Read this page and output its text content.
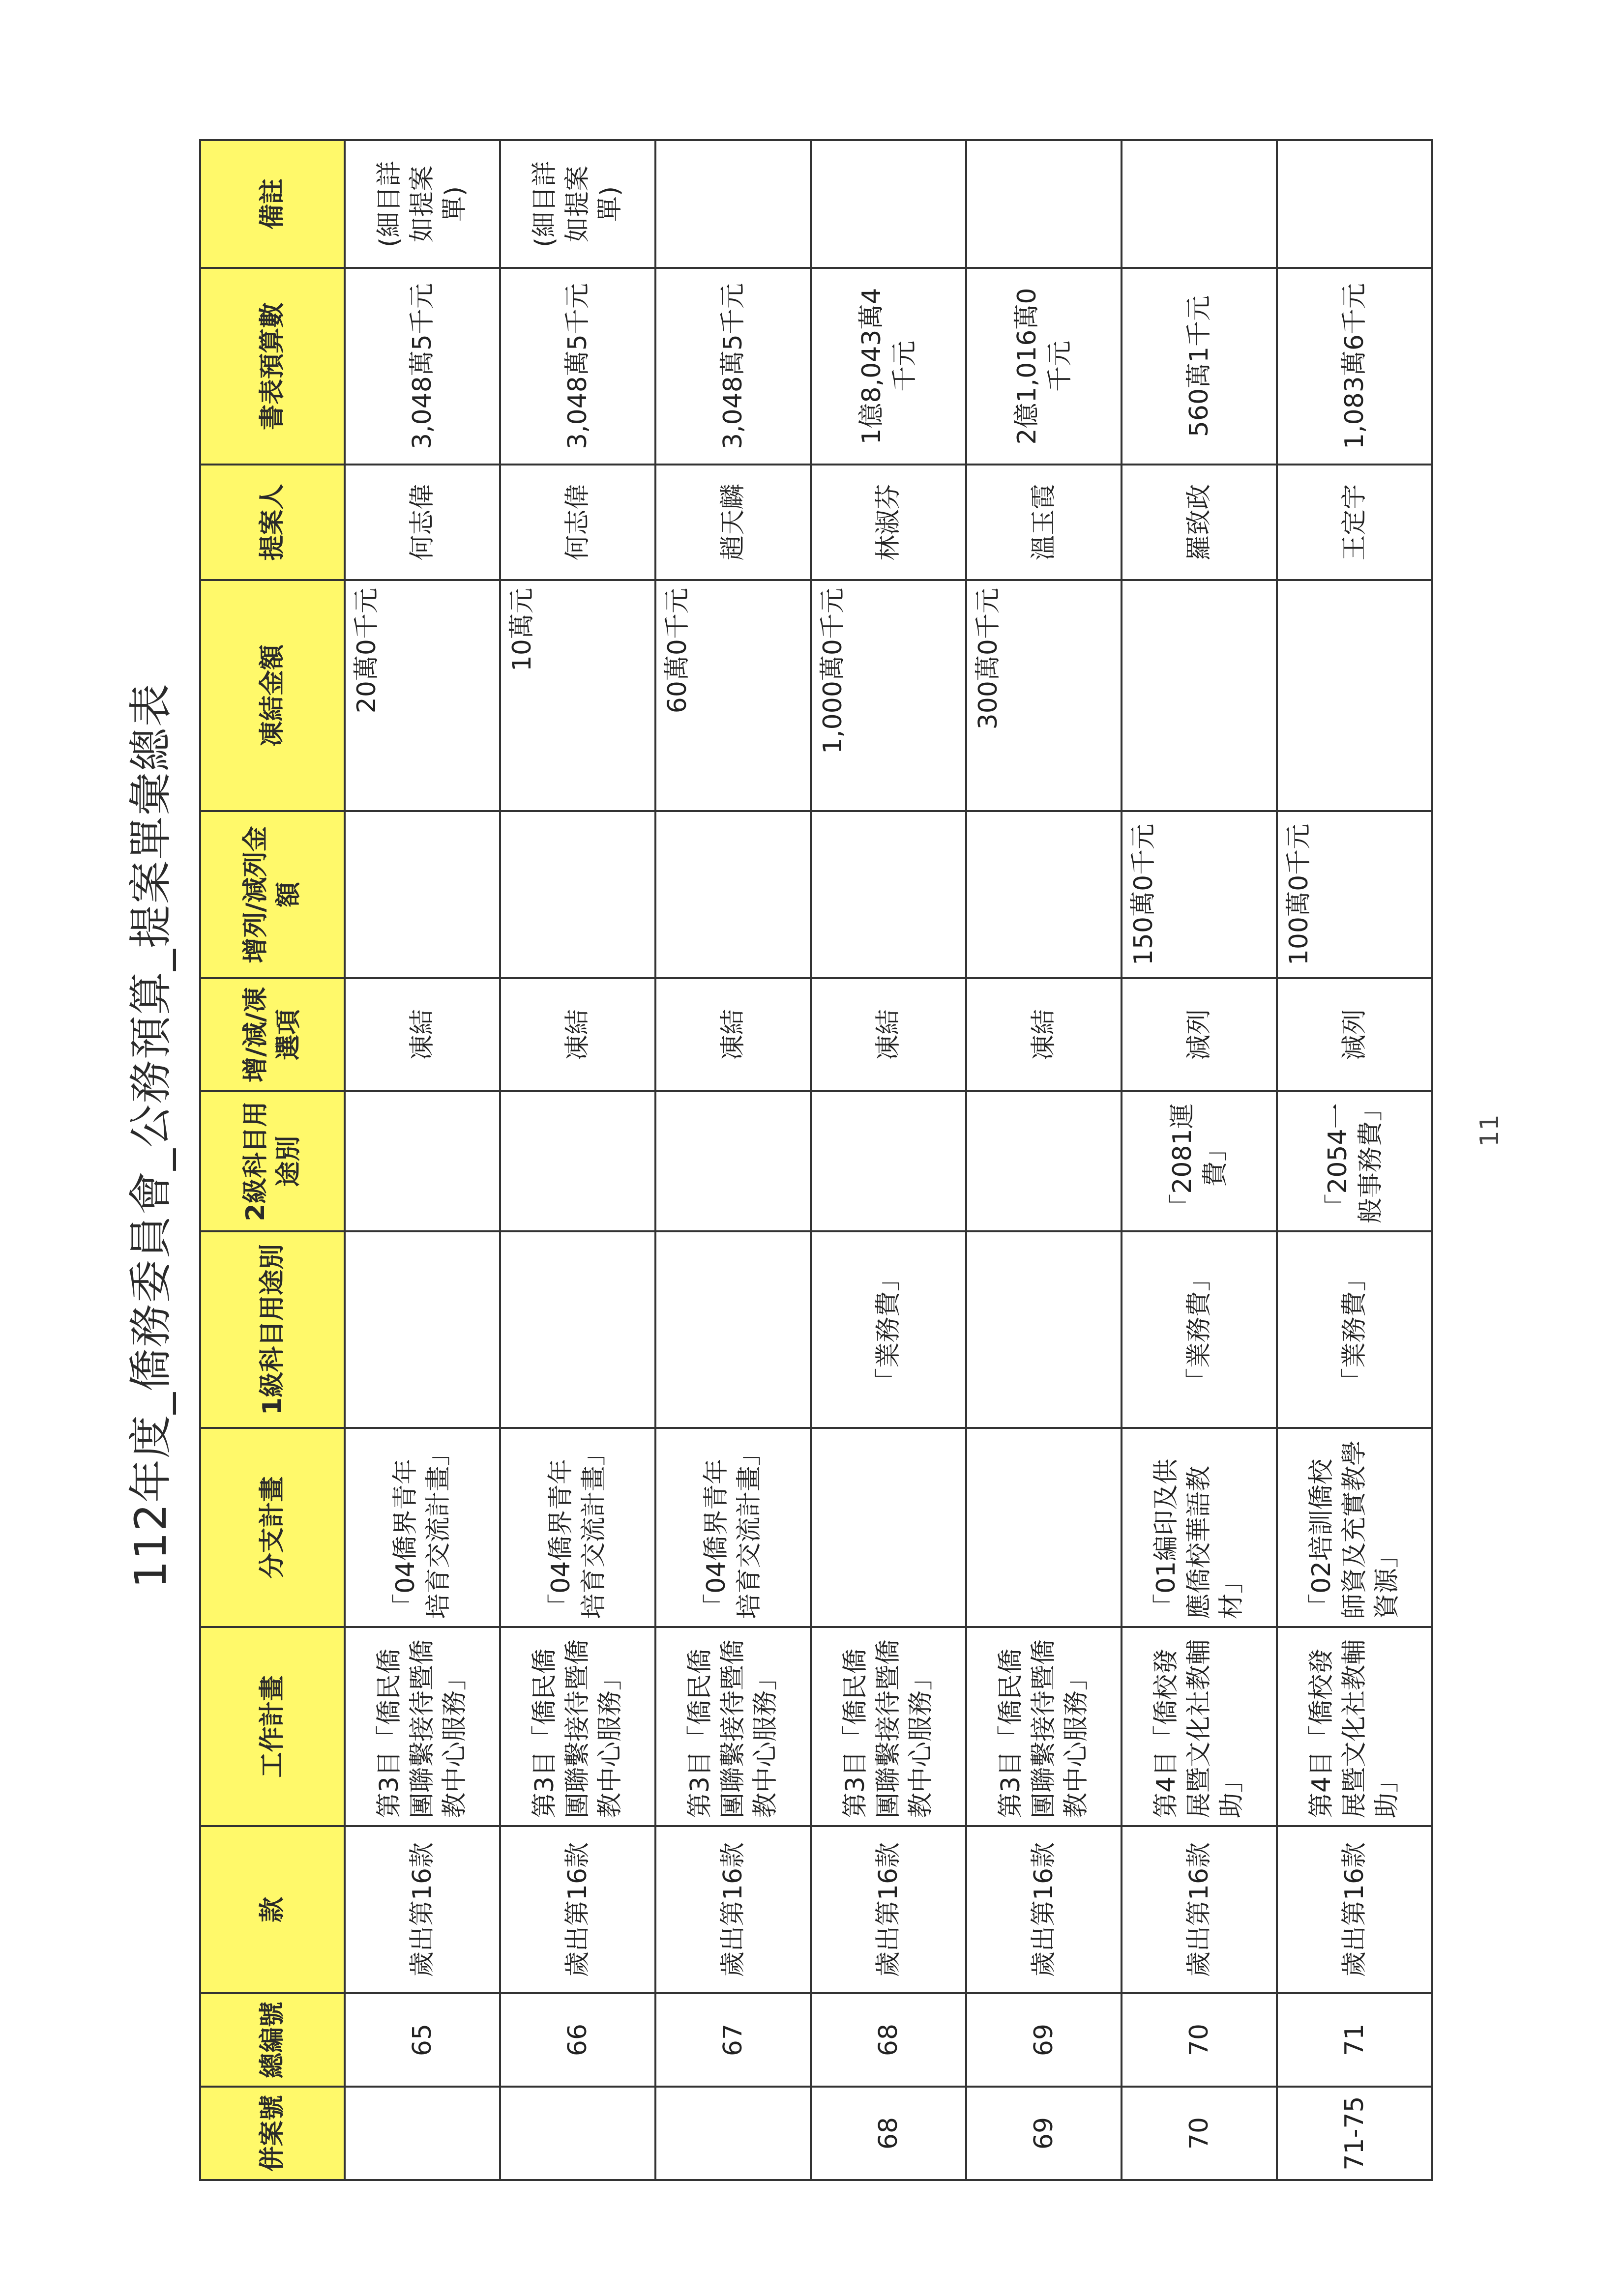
112年度_僑務委員會_公務預算_提案單彙總表	11
併案號	總編號	款	工作計畫	分支計畫	1級科目用途別	2級科目用途別	增/減/凍選項	增列/減列金額	凍結金額	提案人	書表預算數	備註
	65	歲出第16款	第3目「僑民僑團聯繫接待暨僑教中心服務」	「04僑界青年培育交流計畫」			凍結		20萬0千元	何志偉	3,048萬5千元	(細目詳如提案單)
	66	歲出第16款	第3目「僑民僑團聯繫接待暨僑教中心服務」	「04僑界青年培育交流計畫」			凍結		10萬元	何志偉	3,048萬5千元	(細目詳如提案單)
	67	歲出第16款	第3目「僑民僑團聯繫接待暨僑教中心服務」	「04僑界青年培育交流計畫」			凍結		60萬0千元	趙天麟	3,048萬5千元	
68	68	歲出第16款	第3目「僑民僑團聯繫接待暨僑教中心服務」		「業務費」		凍結		1,000萬0千元	林淑芬	1億8,043萬4千元	
69	69	歲出第16款	第3目「僑民僑團聯繫接待暨僑教中心服務」				凍結		300萬0千元	溫玉霞	2億1,016萬0千元	
70	70	歲出第16款	第4目「僑校發展暨文化社教輔助」	「01編印及供應僑校華語教材」	「業務費」	「2081運費」	減列	150萬0千元		羅致政	560萬1千元	
71-75	71	歲出第16款	第4目「僑校發展暨文化社教輔助」	「02培訓僑校師資及充實教學資源」	「業務費」	「2054一般事務費」	減列	100萬0千元		王定宇	1,083萬6千元	
